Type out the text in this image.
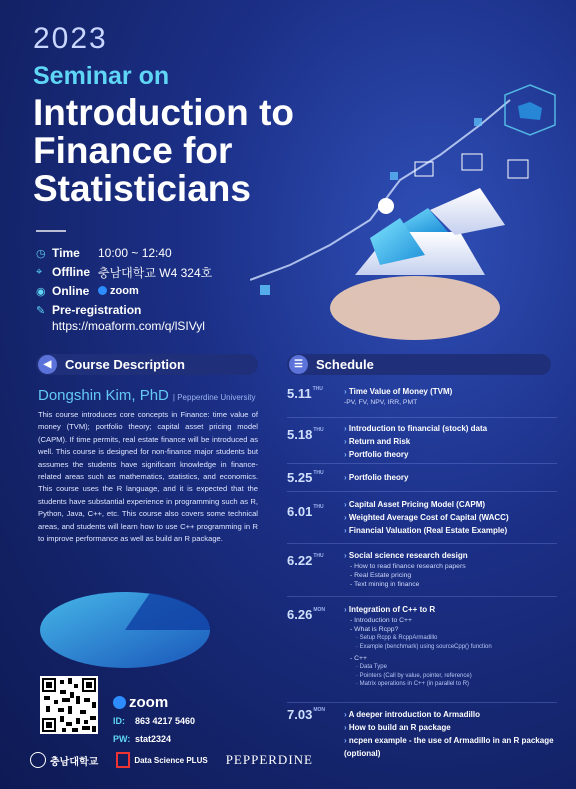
2023
Seminar on
Introduction to Finance for Statisticians
◷ Time	10:00 ~ 12:40
⌖ Offline 충남대학교 W4 324호
◉ Online	zoom
✎ Pre-registration
https://moaform.com/q/lSIVyl
◀	Course Description
Dongshin Kim, PhD | Pepperdine University
This course introduces core concepts in Finance: time value of money (TVM); portfolio theory; capital asset pricing model (CAPM). If time permits, real estate finance will be introduced as well. This course is designed for non-finance major students but assumes the students have significant knowledge in finance-related areas such as mathematics, statistics, and economics. This course uses the R language, and it is expected that the students have substantial experience in programming such as R, Python, Java, C++, etc. This course also covers some technical areas, and students will learn how to use C++ programming in R to improve performance as well as build an R package.
☰	Schedule
$5.11^{THU}$	› Time Value of Money (TVM)
-PV, FV, NPV, IRR, PMT
$5.18^{THU}$	› Introduction to financial (stock) data
› Return and Risk
› Portfolio theory
$5.25^{THU}$	› Portfolio theory
$6.01^{THU}$	› Capital Asset Pricing Model (CAPM)
› Weighted Average Cost of Capital (WACC)
› Financial Valuation (Real Estate Example)
$6.22^{THU}$	› Social science research design
- How to read finance research papers
- Real Estate pricing
- Text mining in finance
$6.26^{MON}$	› Integration of C++ to R
- Introduction to C++
- What is Rcpp?
· Setup Rcpp & RcppArmadillo
· Example (benchmark) using sourceCpp() function
- C++
· Data Type
· Pointers (Call by value, pointer, reference)
· Matrix operations in C++ (in parallel to R)
$7.03^{MON}$	› A deeper introduction to Armadillo
› How to build an R package
› ncpen example - the use of Armadillo in an R package (optional)
zoom
ID: 863 4217 5460
PW: stat2324
충남대학교	Data Science PLUS PEPPERDINE
